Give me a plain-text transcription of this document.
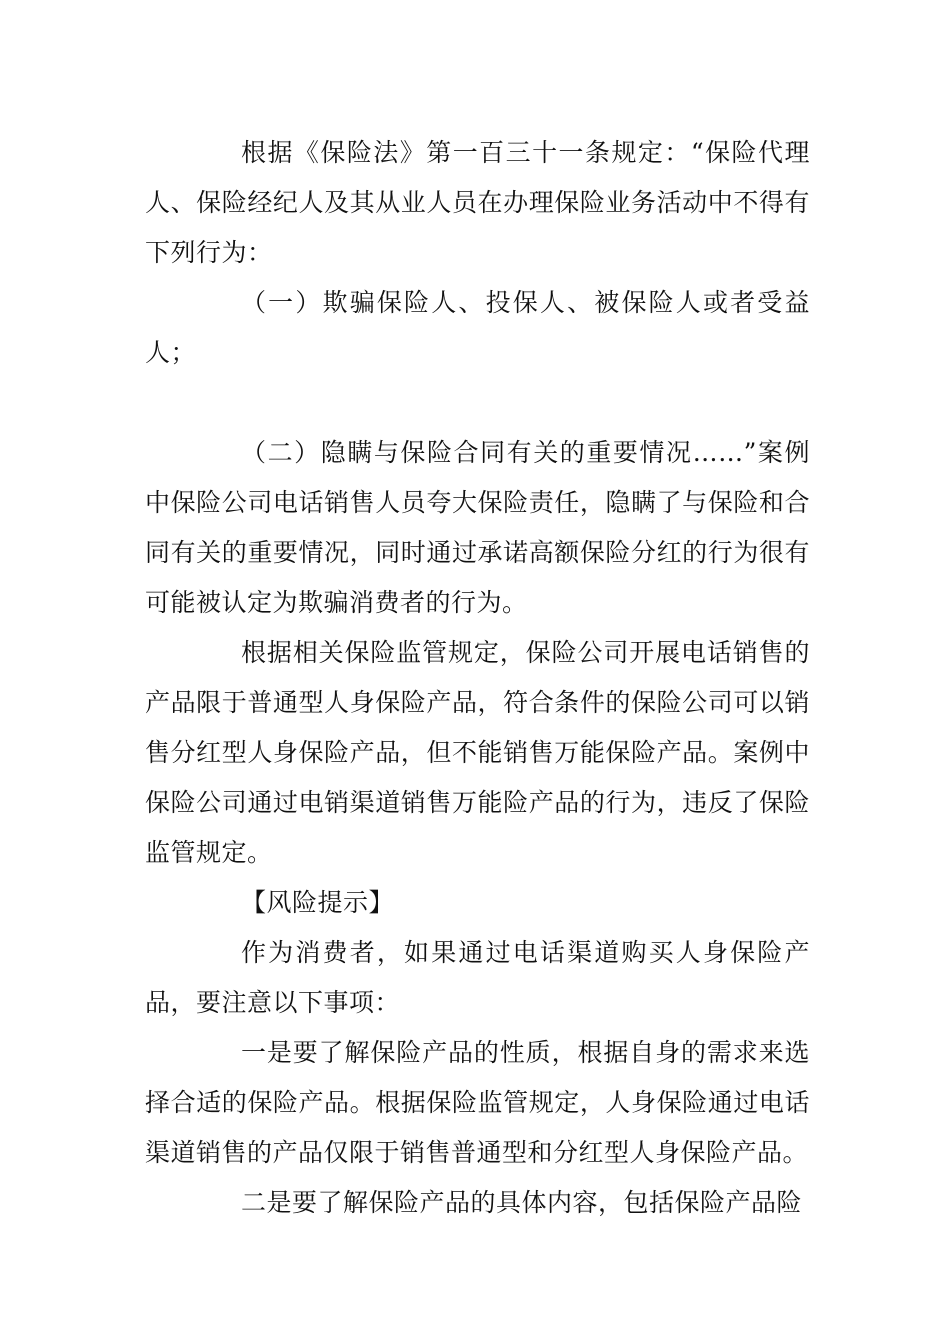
根据《保险法》第一百三十一条规定：“保险代理人、保险经纪人及其从业人员在办理保险业务活动中不得有下列行为：

（一）欺骗保险人、投保人、被保险人或者受益人；

（二）隐瞒与保险合同有关的重要情况……”案例中保险公司电话销售人员夸大保险责任，隐瞒了与保险和合同有关的重要情况，同时通过承诺高额保险分红的行为很有可能被认定为欺骗消费者的行为。

根据相关保险监管规定，保险公司开展电话销售的产品限于普通型人身保险产品，符合条件的保险公司可以销售分红型人身保险产品，但不能销售万能保险产品。案例中保险公司通过电销渠道销售万能险产品的行为，违反了保险监管规定。

【风险提示】

作为消费者，如果通过电话渠道购买人身保险产品，要注意以下事项：

一是要了解保险产品的性质，根据自身的需求来选择合适的保险产品。根据保险监管规定，人身保险通过电话渠道销售的产品仅限于销售普通型和分红型人身保险产品。

二是要了解保险产品的具体内容，包括保险产品险
